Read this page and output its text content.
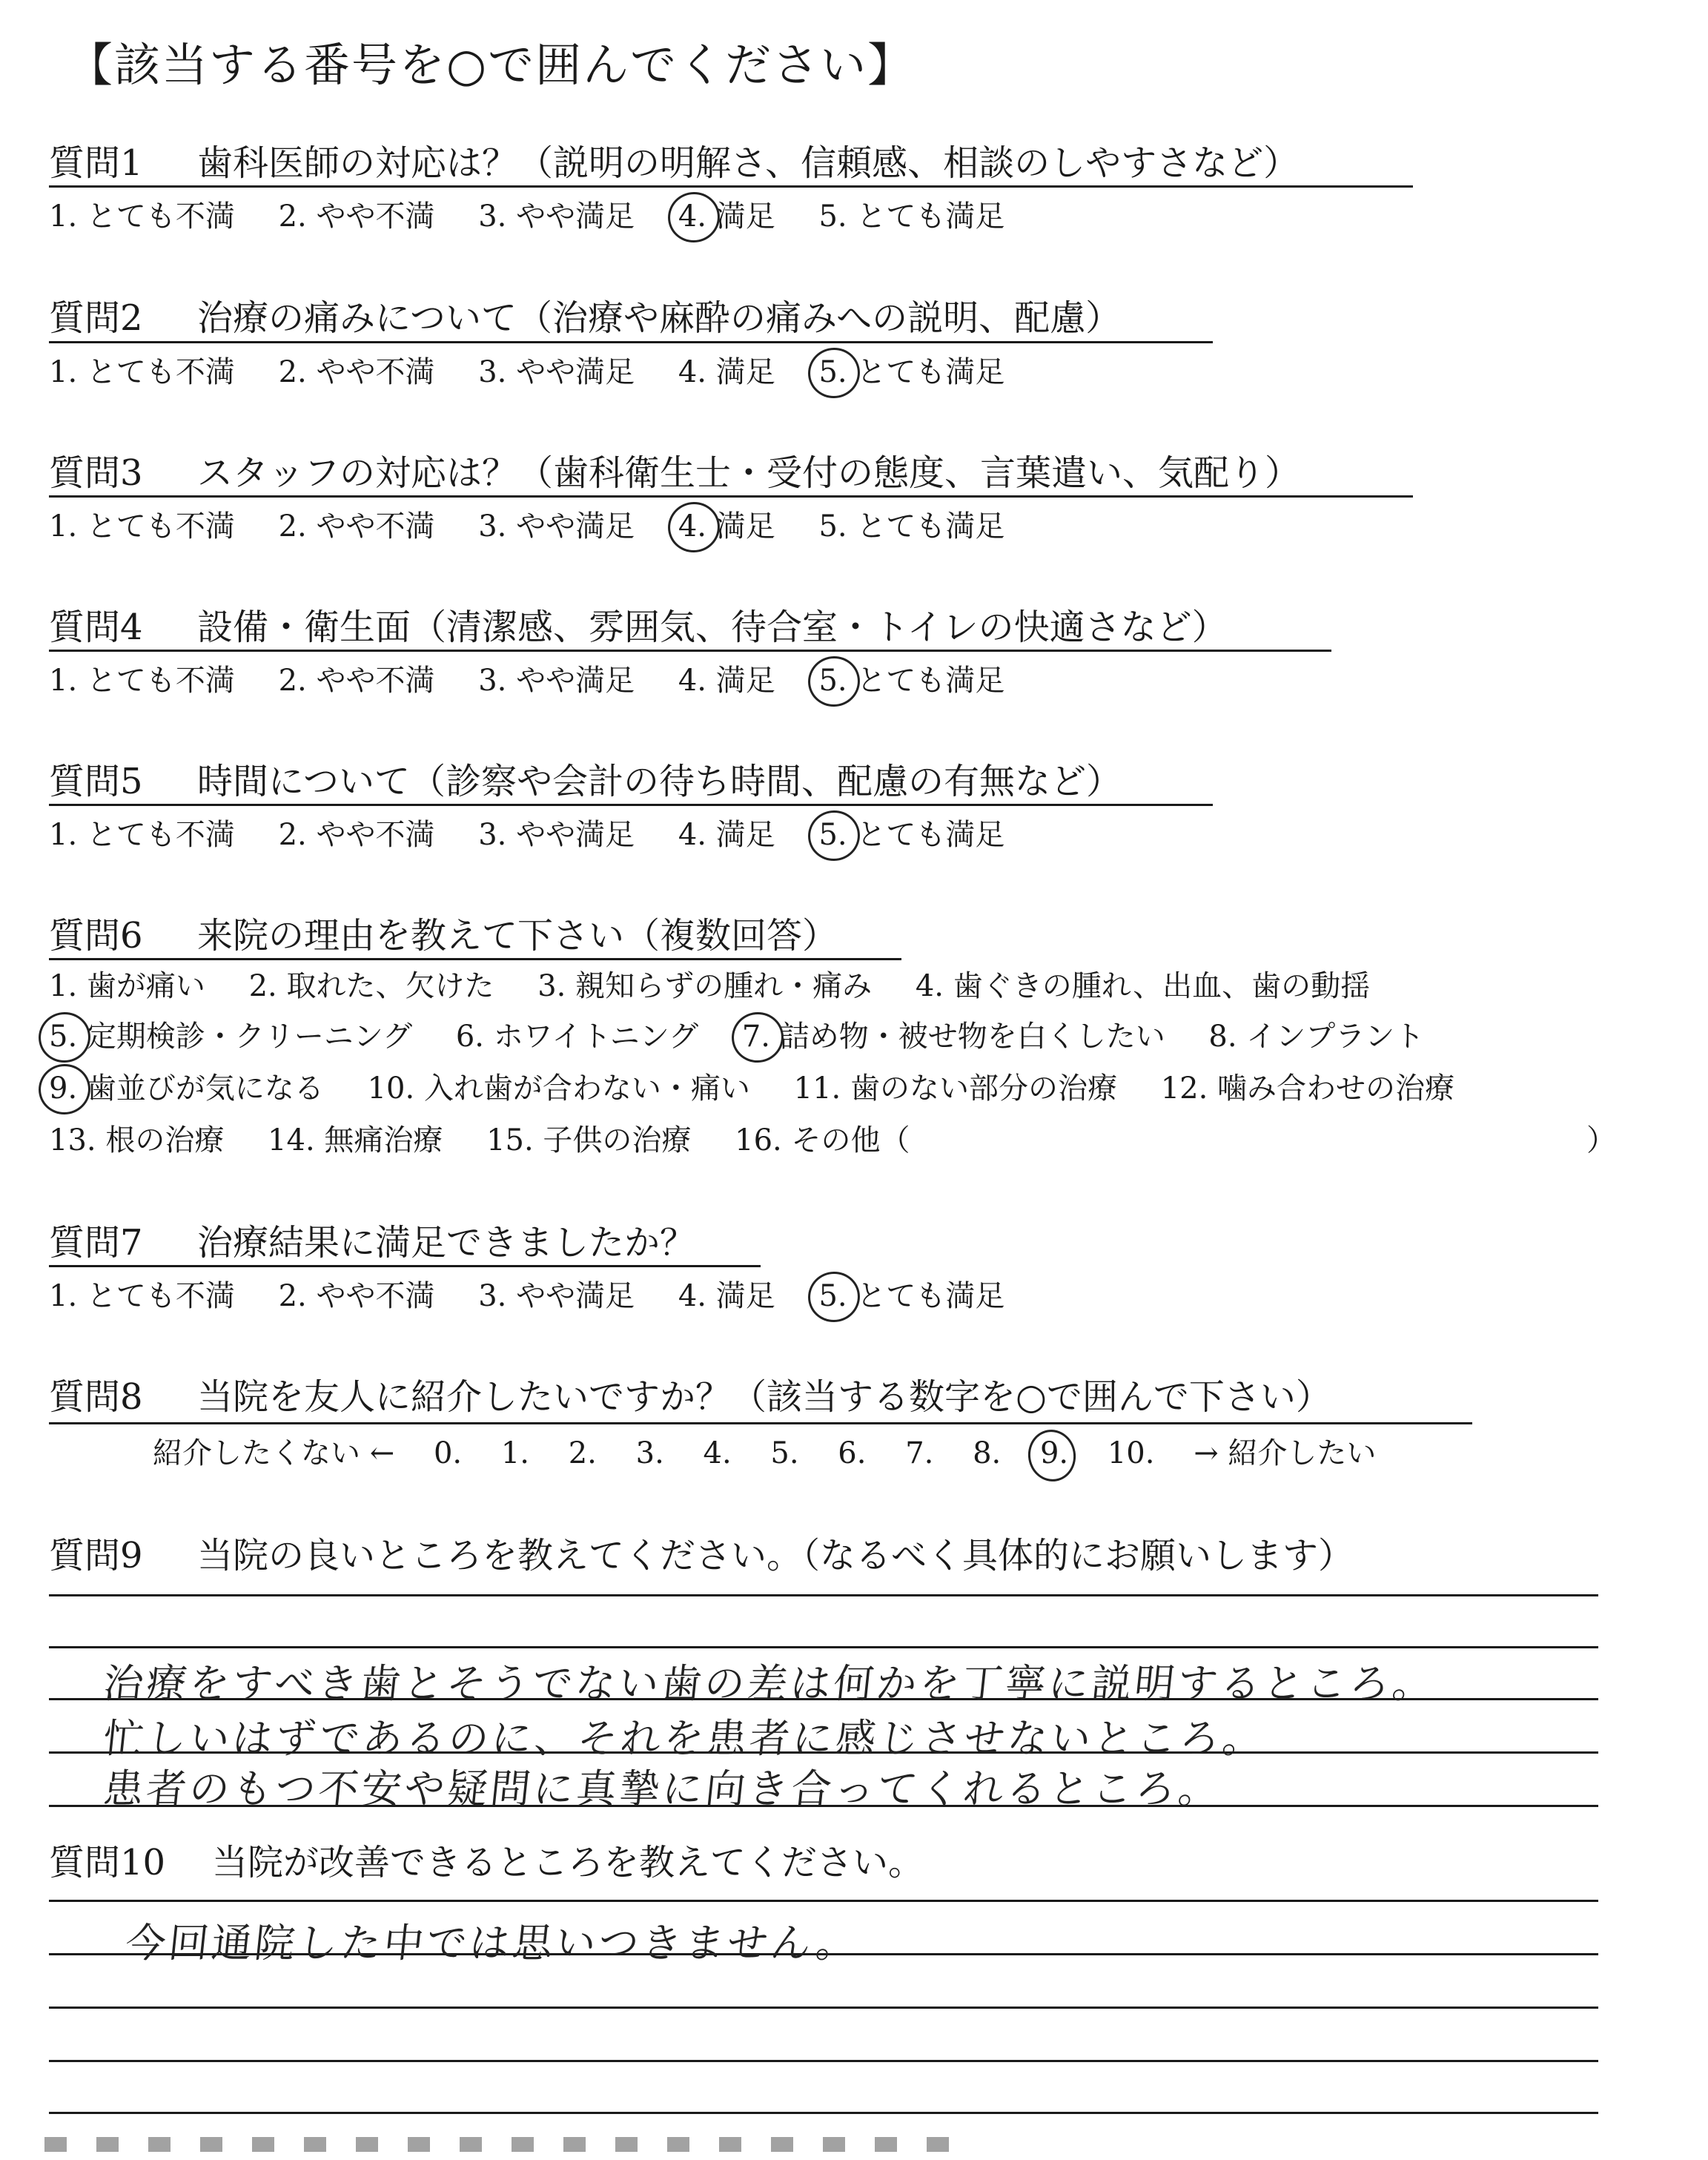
【該当する番号を○で囲んでください】
質問1 歯科医師の対応は？（説明の明解さ、信頼感、相談のしやすさなど）
1. とても不満 2. やや不満 3. やや満足 4. 満足 5. とても満足
質問2 治療の痛みについて（治療や麻酔の痛みへの説明、配慮）
1. とても不満 2. やや不満 3. やや満足 4. 満足 5. とても満足
質問3 スタッフの対応は？（歯科衛生士・受付の態度、言葉遣い、気配り）
1. とても不満 2. やや不満 3. やや満足 4. 満足 5. とても満足
質問4 設備・衛生面（清潔感、雰囲気、待合室・トイレの快適さなど）
1. とても不満 2. やや不満 3. やや満足 4. 満足 5. とても満足
質問5 時間について（診察や会計の待ち時間、配慮の有無など）
1. とても不満 2. やや不満 3. やや満足 4. 満足 5. とても満足
質問6 来院の理由を教えて下さい（複数回答）
1. 歯が痛い 2. 取れた、欠けた 3. 親知らずの腫れ・痛み 4. 歯ぐきの腫れ、出血、歯の動揺
5. 定期検診・クリーニング 6. ホワイトニング 7. 詰め物・被せ物を白くしたい 8. インプラント
9. 歯並びが気になる 10. 入れ歯が合わない・痛い 11. 歯のない部分の治療 12. 噛み合わせの治療
13. 根の治療 14. 無痛治療 15. 子供の治療 16. その他（	）
質問7 治療結果に満足できましたか？
1. とても不満 2. やや不満 3. やや満足 4. 満足 5. とても満足
質問8 当院を友人に紹介したいですか？（該当する数字を○で囲んで下さい）
紹介したくない ← 0. 1. 2. 3. 4. 5. 6. 7. 8. 9. 10. → 紹介したい
質問9 当院の良いところを教えてください。（なるべく具体的にお願いします）
治療をすべき歯とそうでない歯の差は何かを丁寧に説明するところ。
忙しいはずであるのに、それを患者に感じさせないところ。
患者のもつ不安や疑問に真摯に向き合ってくれるところ。
質問10 当院が改善できるところを教えてください。
今回通院した中では思いつきません。
